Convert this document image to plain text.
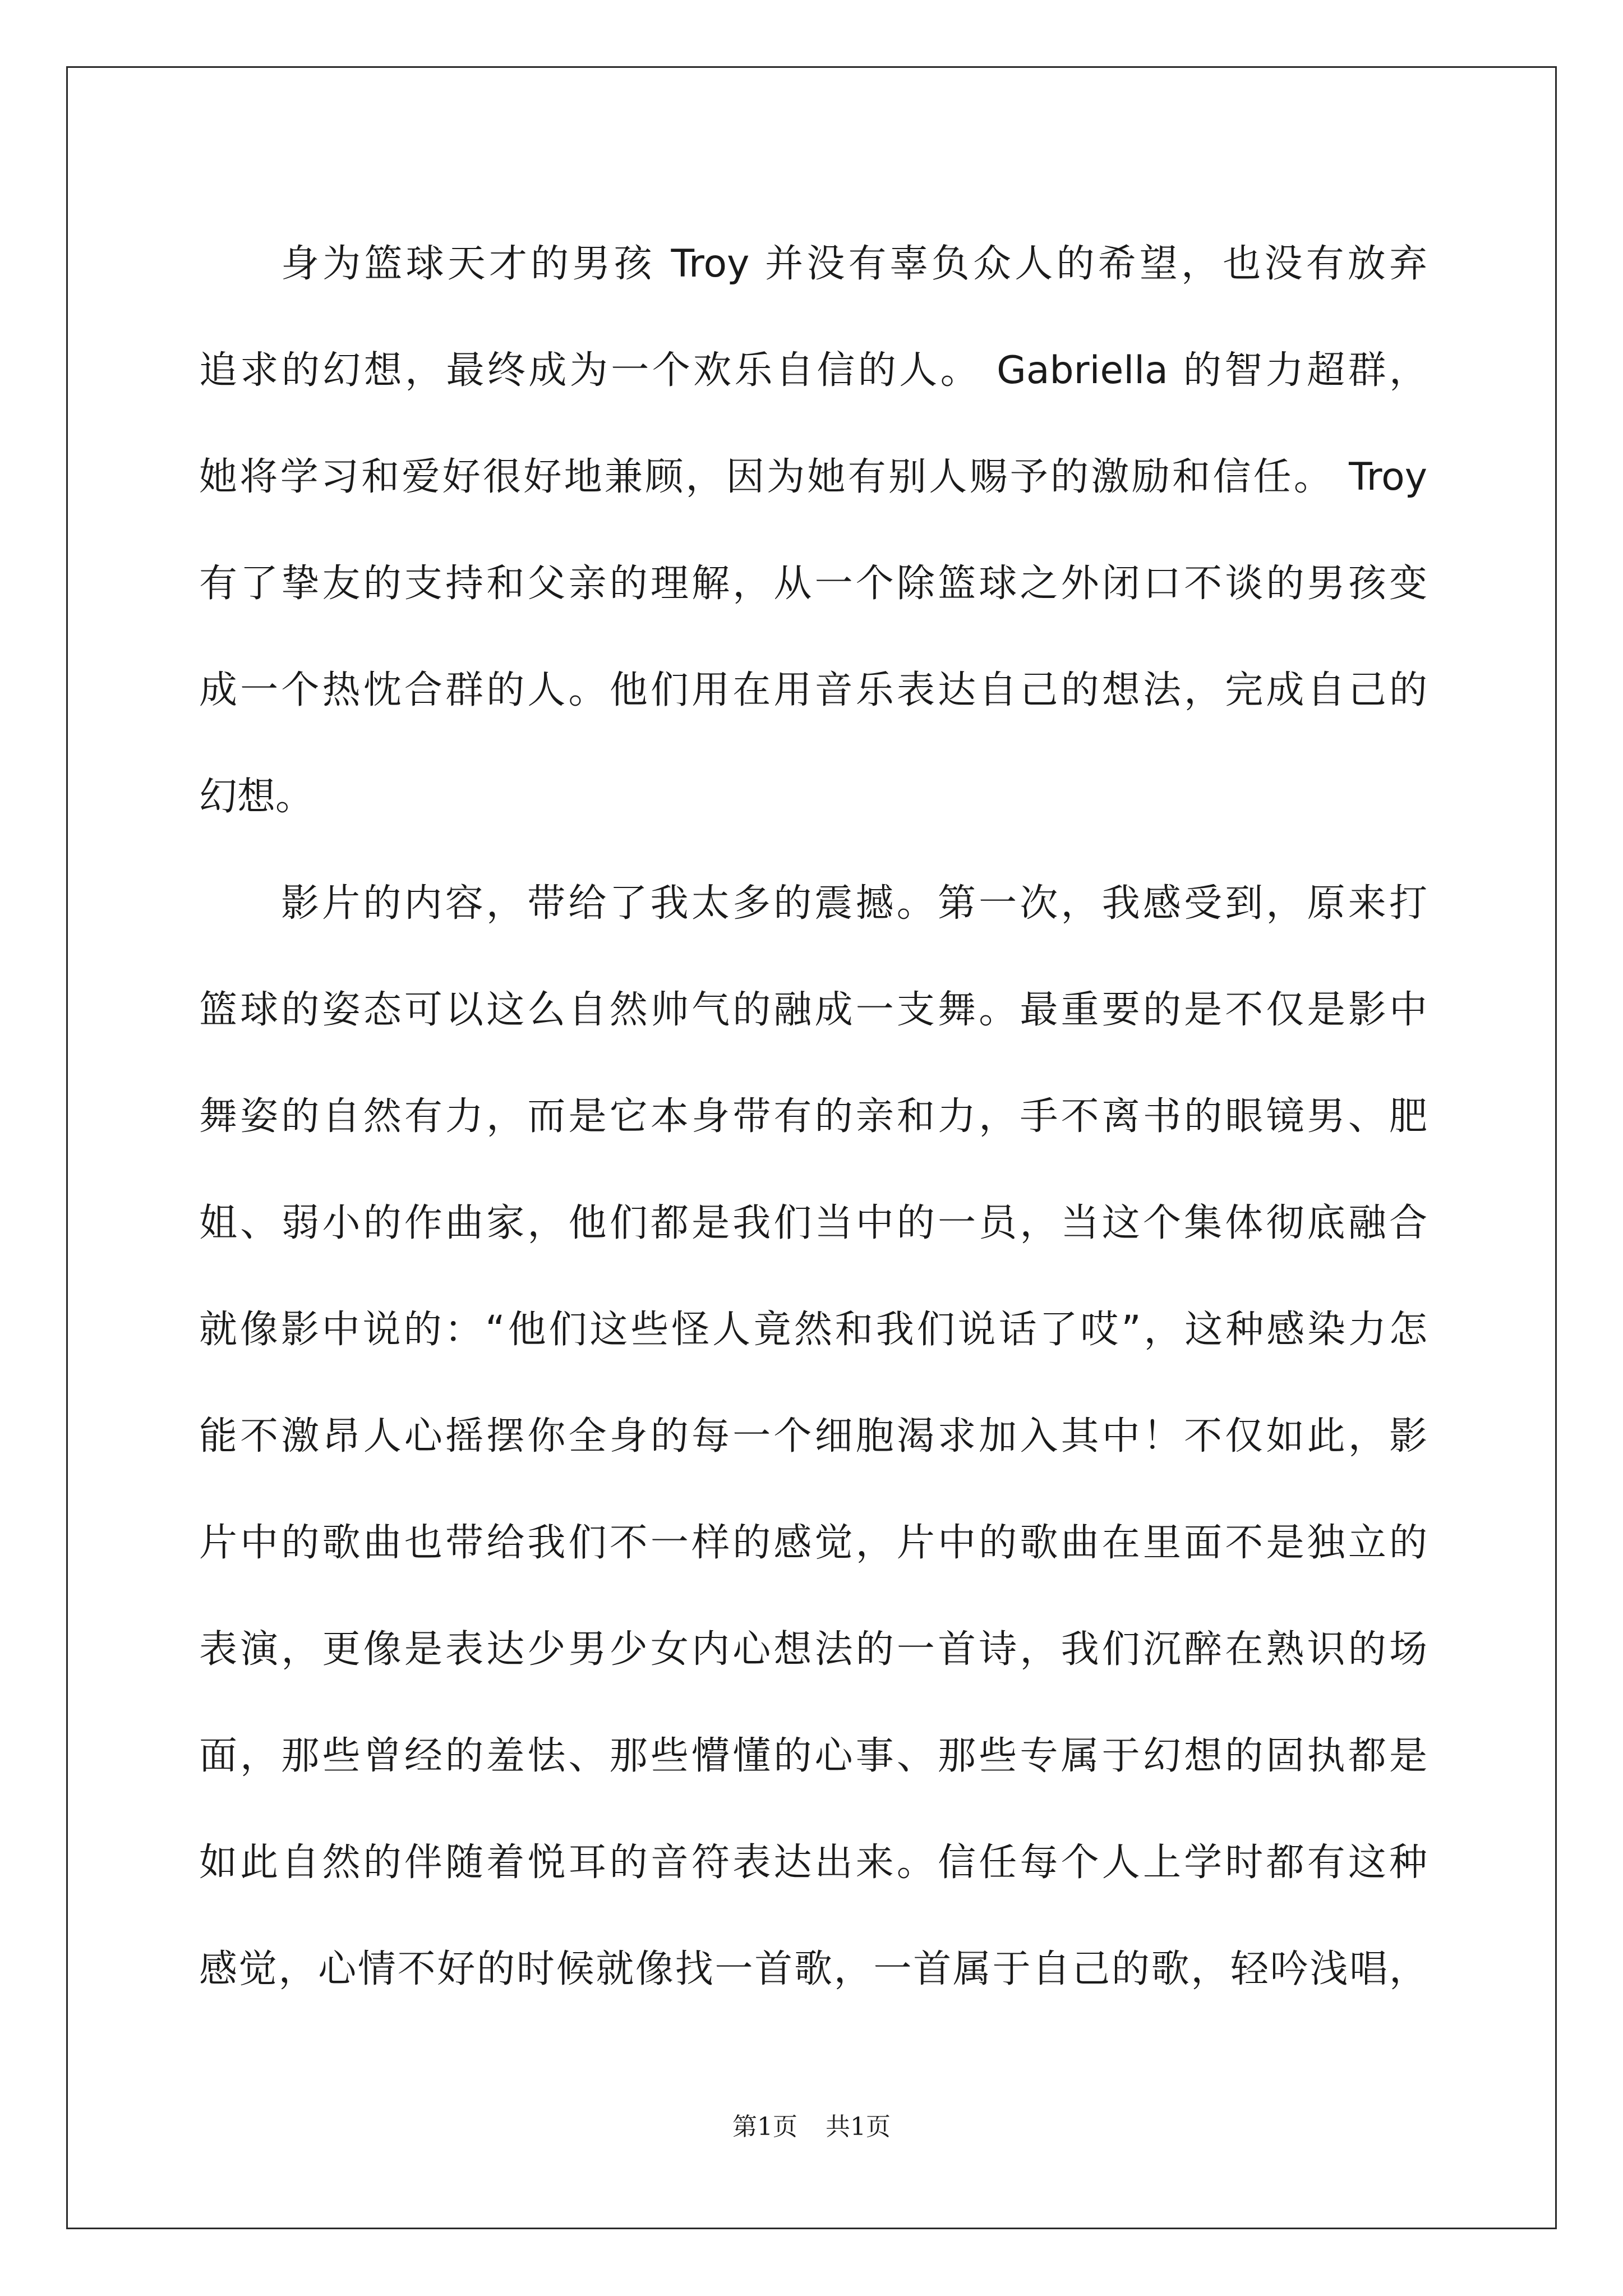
身为篮球天才的男孩 Troy 并没有辜负众人的希望，也没有放弃
追求的幻想，最终成为一个欢乐自信的人。 Gabriella 的智力超群，
她将学习和爱好很好地兼顾，因为她有别人赐予的激励和信任。 Troy
有了挚友的支持和父亲的理解，从一个除篮球之外闭口不谈的男孩变
成一个热忱合群的人。他们用在用音乐表达自己的想法，完成自己的
幻想。
影片的内容，带给了我太多的震撼。第一次，我感受到，原来打
篮球的姿态可以这么自然帅气的融成一支舞。最重要的是不仅是影中
舞姿的自然有力，而是它本身带有的亲和力，手不离书的眼镜男、肥
姐、弱小的作曲家，他们都是我们当中的一员，当这个集体彻底融合
就像影中说的：“他们这些怪人竟然和我们说话了哎”，这种感染力怎
能不激昂人心摇摆你全身的每一个细胞渴求加入其中！不仅如此，影
片中的歌曲也带给我们不一样的感觉，片中的歌曲在里面不是独立的
表演，更像是表达少男少女内心想法的一首诗，我们沉醉在熟识的场
面，那些曾经的羞怯、那些懵懂的心事、那些专属于幻想的固执都是
如此自然的伴随着悦耳的音符表达出来。信任每个人上学时都有这种
感觉，心情不好的时候就像找一首歌，一首属于自己的歌，轻吟浅唱，
第1页 共1页
